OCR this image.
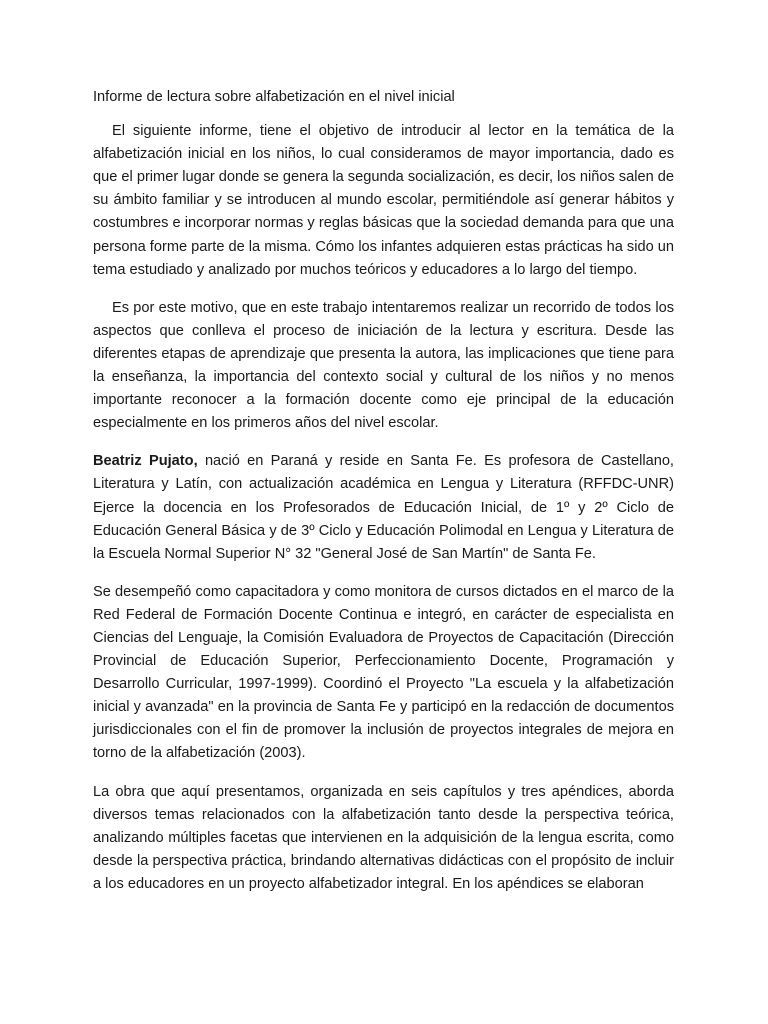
Informe de lectura sobre alfabetización en el nivel inicial

El siguiente informe, tiene el objetivo de introducir al lector en la temática de la alfabetización inicial en los niños, lo cual consideramos de mayor importancia, dado es que el primer lugar donde se genera la segunda socialización, es decir, los niños salen de su ámbito familiar y se introducen al mundo escolar, permitiéndole así generar hábitos y costumbres e incorporar normas y reglas básicas que la sociedad demanda para que una persona forme parte de la misma. Cómo los infantes adquieren estas prácticas ha sido un tema estudiado y analizado por muchos teóricos y educadores a lo largo del tiempo.

Es por este motivo, que en este trabajo intentaremos realizar un recorrido de todos los aspectos que conlleva el proceso de iniciación de la lectura y escritura. Desde las diferentes etapas de aprendizaje que presenta la autora, las implicaciones que tiene para la enseñanza, la importancia del contexto social y cultural de los niños y no menos importante reconocer a la formación docente como eje principal de la educación especialmente en los primeros años del nivel escolar.

Beatriz Pujato, nació en Paraná y reside en Santa Fe. Es profesora de Castellano, Literatura y Latín, con actualización académica en Lengua y Literatura (RFFDC-UNR) Ejerce la docencia en los Profesorados de Educación Inicial, de 1º y 2º Ciclo de Educación General Básica y de 3º Ciclo y Educación Polimodal en Lengua y Literatura de la Escuela Normal Superior N° 32 "General José de San Martín" de Santa Fe.

Se desempeñó como capacitadora y como monitora de cursos dictados en el marco de la Red Federal de Formación Docente Continua e integró, en carácter de especialista en Ciencias del Lenguaje, la Comisión Evaluadora de Proyectos de Capacitación (Dirección Provincial de Educación Superior, Perfeccionamiento Docente, Programación y Desarrollo Curricular, 1997-1999). Coordinó el Proyecto "La escuela y la alfabetización inicial y avanzada" en la provincia de Santa Fe y participó en la redacción de documentos jurisdiccionales con el fin de promover la inclusión de proyectos integrales de mejora en torno de la alfabetización (2003).

La obra que aquí presentamos, organizada en seis capítulos y tres apéndices, aborda diversos temas relacionados con la alfabetización tanto desde la perspectiva teórica, analizando múltiples facetas que intervienen en la adquisición de la lengua escrita, como desde la perspectiva práctica, brindando alternativas didácticas con el propósito de incluir a los educadores en un proyecto alfabetizador integral. En los apéndices se elaboran
